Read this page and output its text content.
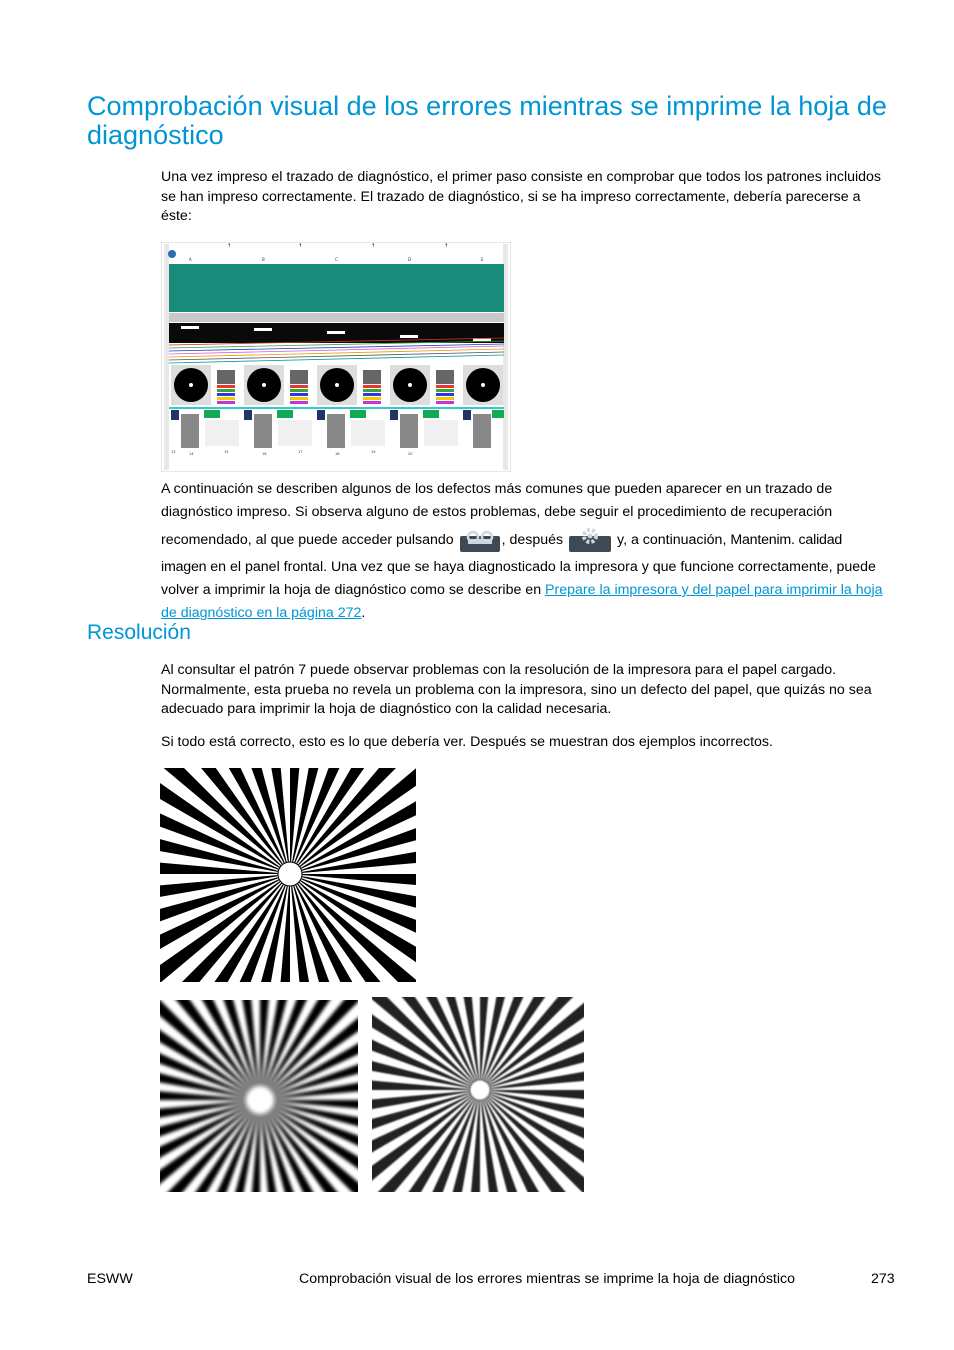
Comprobación visual de los errores mientras se imprime la hoja de diagnóstico

Una vez impreso el trazado de diagnóstico, el primer paso consiste en comprobar que todos los patrones incluidos se han impreso correctamente. El trazado de diagnóstico, si se ha impreso correctamente, debería parecerse a éste:

↑	↑	↑	↑
A	B	C	D	E
13	14	15	16	17	18	19	20

A continuación se describen algunos de los defectos más comunes que pueden aparecer en un trazado de diagnóstico impreso. Si observa alguno de estos problemas, debe seguir el procedimiento de recuperación recomendado, al que puede acceder pulsando	, después	y, a continuación, Mantenim. calidad imagen en el panel frontal. Una vez que se haya diagnosticado la impresora y que funcione correctamente, puede volver a imprimir la hoja de diagnóstico como se describe en Prepare la impresora y del papel para imprimir la hoja de diagnóstico en la página 272.

Resolución

Al consultar el patrón 7 puede observar problemas con la resolución de la impresora para el papel cargado. Normalmente, esta prueba no revela un problema con la impresora, sino un defecto del papel, que quizás no sea adecuado para imprimir la hoja de diagnóstico con la calidad necesaria.

Si todo está correcto, esto es lo que debería ver. Después se muestran dos ejemplos incorrectos.

ESWW	Comprobación visual de los errores mientras se imprime la hoja de diagnóstico	273
